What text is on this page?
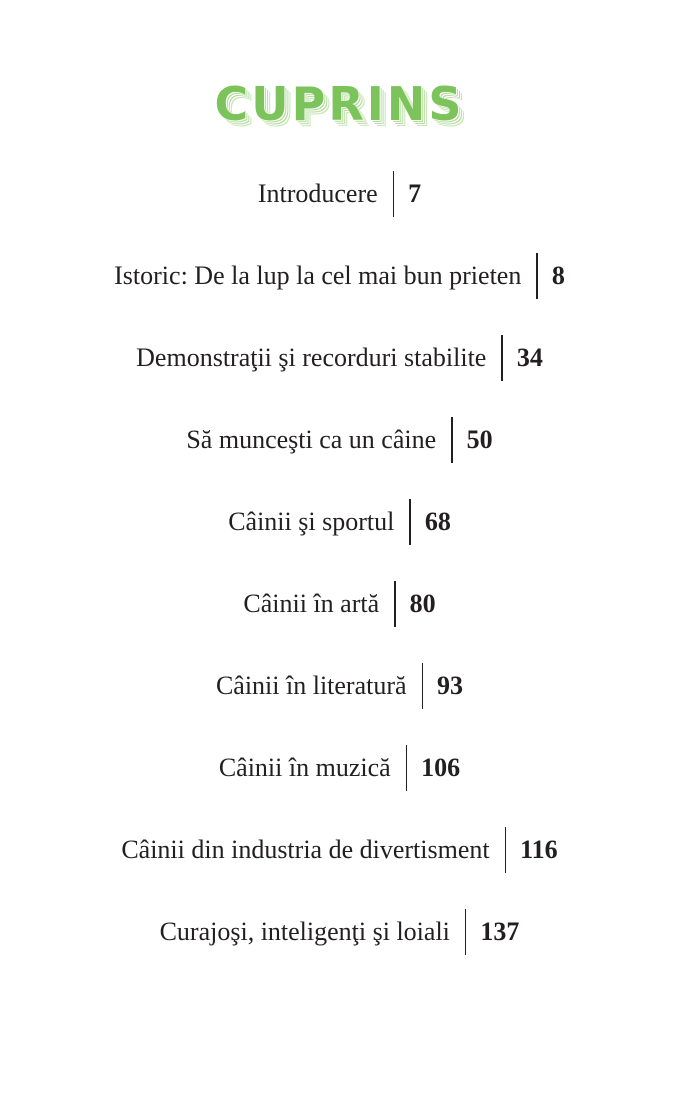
CUPRINS
Introducere 7
Istoric: De la lup la cel mai bun prieten 8
Demonstraţii şi recorduri stabilite 34
Să munceşti ca un câine 50
Câinii şi sportul 68
Câinii în artă 80
Câinii în literatură 93
Câinii în muzică 106
Câinii din industria de divertisment 116
Curajoşi, inteligenţi şi loiali 137
